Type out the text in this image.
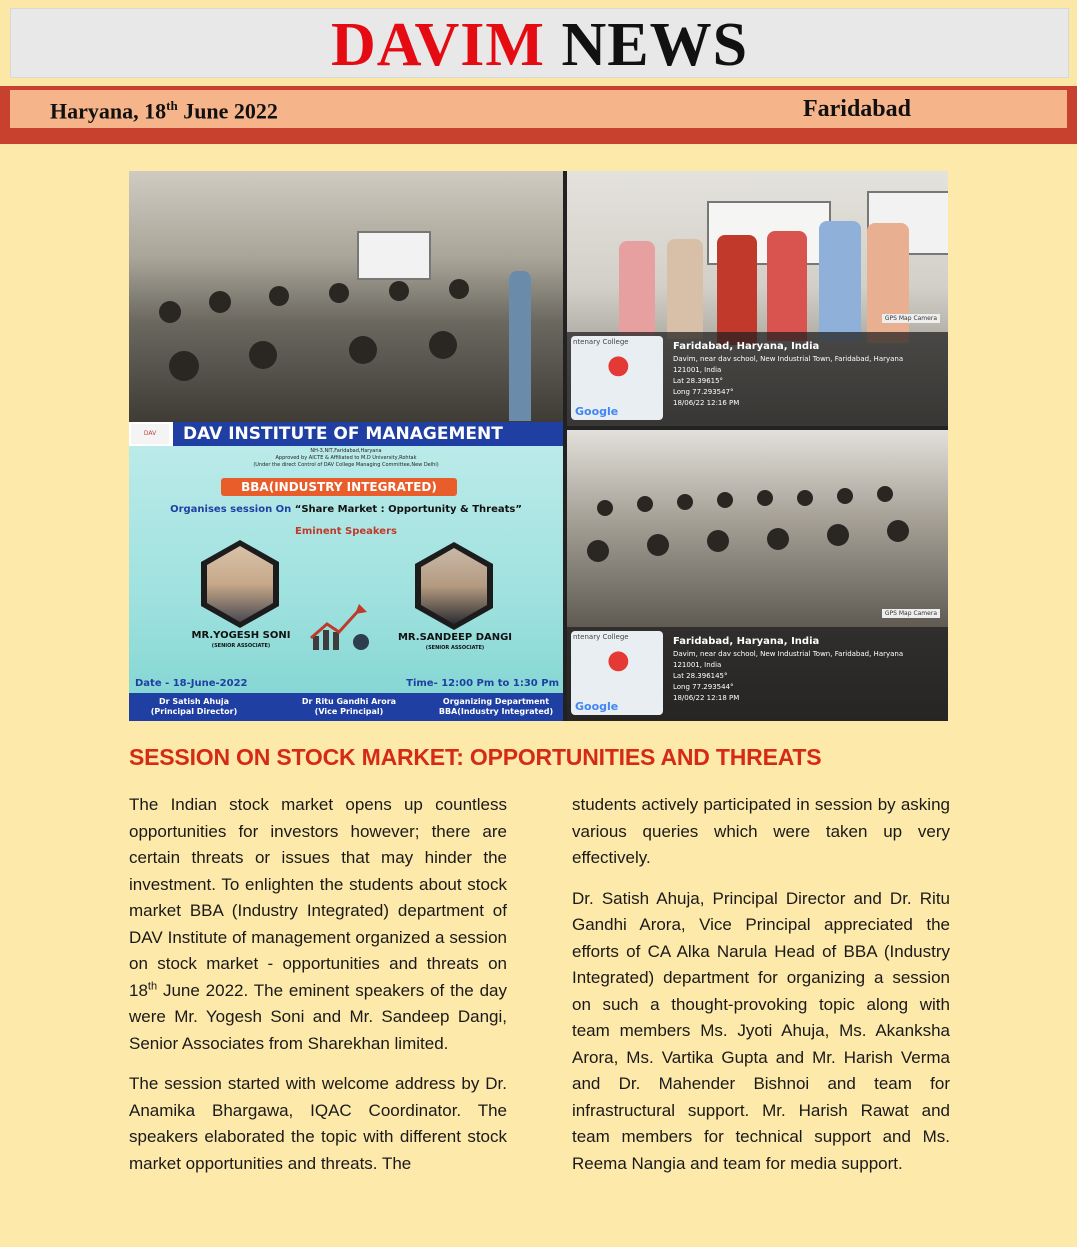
DAVIM NEWS
Haryana, 18th June 2022	Faridabad
GPS Map Camera
ntenary College
●
Google
Faridabad, Haryana, India
Davim, near dav school, New Industrial Town, Faridabad, Haryana
121001, India
Lat 28.39615°
Long 77.293547°
18/06/22 12:16 PM
DAV	DAV INSTITUTE OF MANAGEMENT
NH-3,NIT,Faridabad,Haryana
Approved by AICTE & Affiliated to M.D University,Rohtak
(Under the direct Control of DAV College Managing Committee,New Delhi)
BBA(INDUSTRY INTEGRATED)
Organises session On “Share Market : Opportunity & Threats”
Eminent Speakers
MR.YOGESH SONI
(SENIOR ASSOCIATE)
MR.SANDEEP DANGI
(SENIOR ASSOCIATE)
Date - 18-June-2022	Time- 12:00 Pm to 1:30 Pm
Dr Satish Ahuja
(Principal Director)
Dr Ritu Gandhi Arora
(Vice Principal)
Organizing Department
BBA(Industry Integrated)
GPS Map Camera
ntenary College
●
Google
Faridabad, Haryana, India
Davim, near dav school, New Industrial Town, Faridabad, Haryana
121001, India
Lat 28.396145°
Long 77.293544°
18/06/22 12:18 PM
SESSION ON STOCK MARKET: OPPORTUNITIES AND THREATS

The Indian stock market opens up countless opportunities for investors however; there are certain threats or issues that may hinder the investment. To enlighten the students about stock market BBA (Industry Integrated) department of DAV Institute of management organized a session on stock market - opportunities and threats on 18th June 2022. The eminent speakers of the day were Mr. Yogesh Soni and Mr. Sandeep Dangi, Senior Associates from Sharekhan limited.

The session started with welcome address by Dr. Anamika Bhargawa, IQAC Coordinator. The speakers elaborated the topic with different stock market opportunities and threats. The

students actively participated in session by asking various queries which were taken up very effectively.

Dr. Satish Ahuja, Principal Director and Dr. Ritu Gandhi Arora, Vice Principal appreciated the efforts of CA Alka Narula Head of BBA (Industry Integrated) department for organizing a session on such a thought-provoking topic along with team members Ms. Jyoti Ahuja, Ms. Akanksha Arora, Ms. Vartika Gupta and Mr. Harish Verma and Dr. Mahender Bishnoi and team for infrastructural support. Mr. Harish Rawat and team members for technical support and Ms. Reema Nangia and team for media support.
